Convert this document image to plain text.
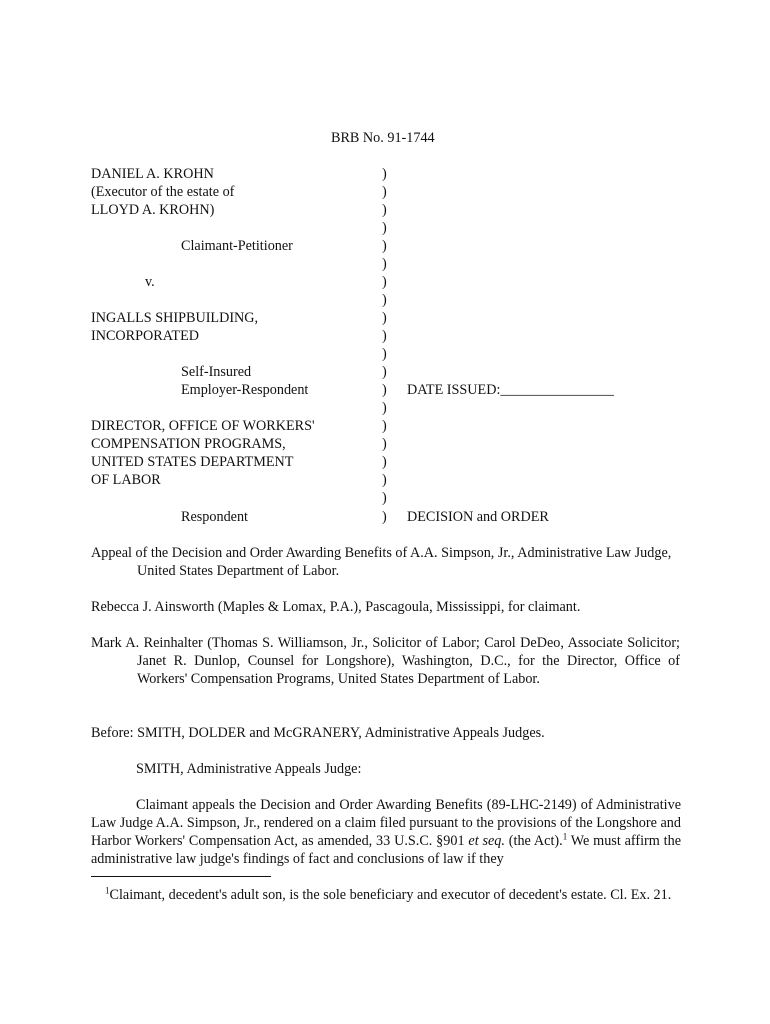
BRB No. 91-1744
DANIEL A. KROHN
(Executor of the estate of
LLOYD A. KROHN)
Claimant-Petitioner
v.
INGALLS SHIPBUILDING,
INCORPORATED
Self-Insured
Employer-Respondent
DIRECTOR, OFFICE OF WORKERS'
COMPENSATION PROGRAMS,
UNITED STATES DEPARTMENT
OF LABOR
Respondent
)
)
)
)
)
)
)
)
)
)
)
)
)
)
)
)
)
)
)
)
DATE ISSUED:________________
DECISION and ORDER
Appeal of the Decision and Order Awarding Benefits of A.A. Simpson, Jr., Administrative Law Judge, United States Department of Labor.
Rebecca J. Ainsworth (Maples & Lomax, P.A.), Pascagoula, Mississippi, for claimant.
Mark A. Reinhalter (Thomas S. Williamson, Jr., Solicitor of Labor; Carol DeDeo, Associate Solicitor; Janet R. Dunlop, Counsel for Longshore), Washington, D.C., for the Director, Office of Workers' Compensation Programs, United States Department of Labor.
Before: SMITH, DOLDER and McGRANERY, Administrative Appeals Judges.
SMITH, Administrative Appeals Judge:
Claimant appeals the Decision and Order Awarding Benefits (89-LHC-2149) of Administrative Law Judge A.A. Simpson, Jr., rendered on a claim filed pursuant to the provisions of the Longshore and Harbor Workers' Compensation Act, as amended, 33 U.S.C. §901 et seq. (the Act).$^1$ We must affirm the administrative law judge's findings of fact and conclusions of law if they
$^1$Claimant, decedent's adult son, is the sole beneficiary and executor of decedent's estate. Cl. Ex. 21.
